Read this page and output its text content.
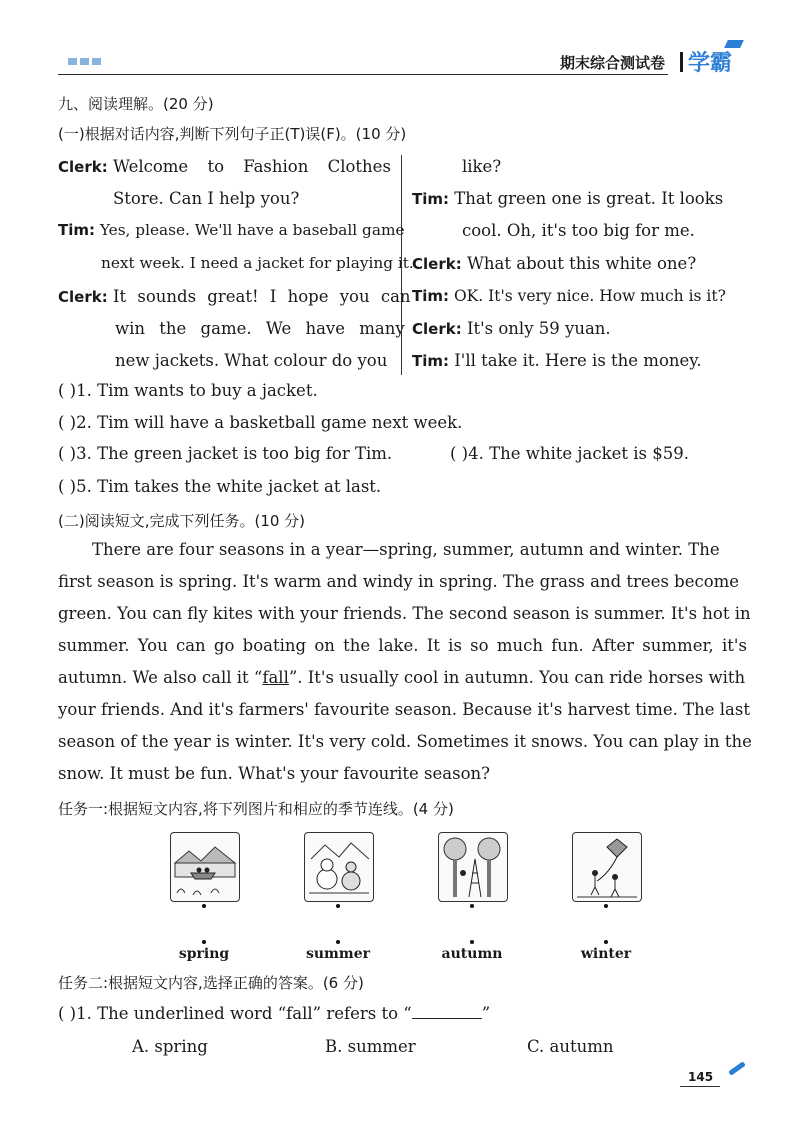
期末综合测试卷 学霸
九、阅读理解。(20 分)
(一)根据对话内容,判断下列句子正(T)误(F)。(10 分)
Clerk: Welcome to Fashion Clothes
Store. Can I help you?
Tim: Yes, please. We'll have a baseball game
next week. I need a jacket for playing it.
Clerk: It sounds great! I hope you can
win the game. We have many
new jackets. What colour do you
like?
Tim: That green one is great. It looks
cool. Oh, it's too big for me.
Clerk: What about this white one?
Tim: OK. It's very nice. How much is it?
Clerk: It's only 59 yuan.
Tim: I'll take it. Here is the money.
( )1. Tim wants to buy a jacket.
( )2. Tim will have a basketball game next week.
( )3. The green jacket is too big for Tim.	( )4. The white jacket is $59.
( )5. Tim takes the white jacket at last.
(二)阅读短文,完成下列任务。(10 分)
There are four seasons in a year—spring, summer, autumn and winter. The
first season is spring. It's warm and windy in spring. The grass and trees become
green. You can fly kites with your friends. The second season is summer. It's hot in
summer. You can go boating on the lake. It is so much fun. After summer, it's
autumn. We also call it “fall”. It's usually cool in autumn. You can ride horses with
your friends. And it's farmers' favourite season. Because it's harvest time. The last
season of the year is winter. It's very cold. Sometimes it snows. You can play in the
snow. It must be fun. What's your favourite season?
任务一:根据短文内容,将下列图片和相应的季节连线。(4 分)
spring	summer	autumn	winter
任务二:根据短文内容,选择正确的答案。(6 分)
( )1. The underlined word “fall” refers to “	”
A. spring	B. summer	C. autumn
145
